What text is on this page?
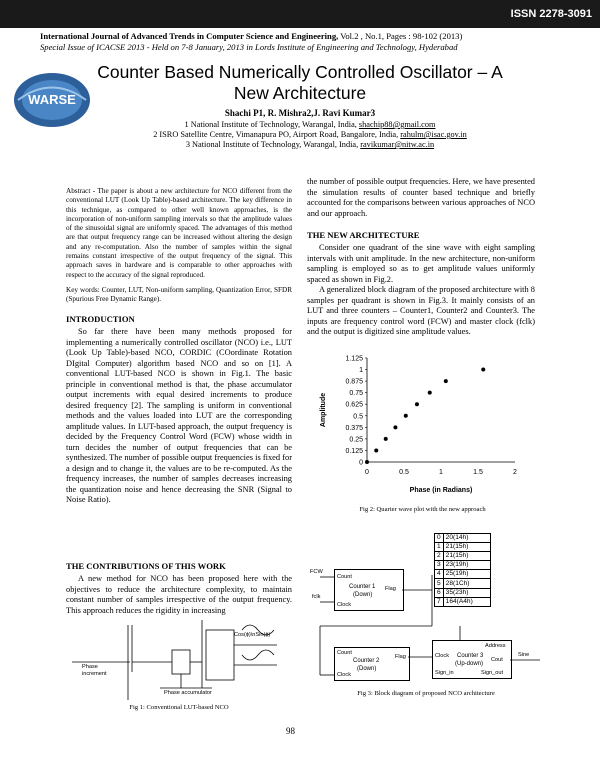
ISSN 2278-3091
International Journal of Advanced Trends in Computer Science and Engineering, Vol.2 , No.1, Pages : 98-102 (2013)
Special Issue of ICACSE 2013 - Held on 7-8 January, 2013 in Lords Institute of Engineering and Technology, Hyderabad
WARSE
Counter Based Numerically Controlled Oscillator – A New Architecture
Shachi P1, R. Mishra2,J. Ravi Kumar3
1 National Institute of Technology, Warangal, India, shachip88@gmail.com
2 ISRO Satellite Centre, Vimanapura PO, Airport Road, Bangalore, India, rahulm@isac.gov.in
3 National Institute of Technology, Warangal, India, ravikumar@nitw.ac.in
Abstract - The paper is about a new architecture for NCO different from the conventional LUT (Look Up Table)-based architecture. The key difference in this technique, as compared to other well known approaches, is the incorporation of non-uniform sampling intervals so that the amplitude values of the sinusoidal signal are uniformly spaced. The advantages of this method are that output frequency range can be increased without altering the design and any re-computation. Also the number of samples within the signal remains constant irrespective of the output frequency of the signal. This approach saves in hardware and is comparable to other approaches with respect to the accuracy of the signal reproduced.
Key words: Counter, LUT, Non-uniform sampling, Quantization Error, SFDR (Spurious Free Dynamic Range).
INTRODUCTION
So far there have been many methods proposed for implementing a numerically controlled oscillator (NCO) i.e., LUT (Look Up Table)-based NCO, CORDIC (COordinate Rotation DIgital Computer) algorithm based NCO and so on [1]. A conventional LUT-based NCO is shown in Fig.1. The basic principle in conventional method is that, the phase accumulator output increments with equal desired increments to produce desired frequency [2]. The sampling is uniform in conventional methods and the values loaded into LUT are the corresponding amplitude values. In LUT-based approach, the output frequency is decided by the Frequency Control Word (FCW) whose width in turn decides the number of output frequencies that can be synthesized. The number of possible output frequencies is fixed for a design and to change it, the values are to be re-computed. As the frequency increases, the number of samples decreases increasing the quantization noise and hence decreasing the SNR (Signal to Noise Ratio).
THE CONTRIBUTIONS OF THIS WORK
A new method for NCO has been proposed here with the objectives to reduce the architecture complexity, to maintain constant number of samples irrespective of the output frequency. This approach reduces the rigidity in increasing
Phase
increment
Cos(ɸ)\nSin(ɸ)
Phase accumulator
Fig 1: Conventional LUT-based NCO
the number of possible output frequencies. Here, we have presented the simulation results of counter based technique and briefly accounted for the comparisons between various approaches of NCO and our approach.
THE NEW ARCHITECTURE
Consider one quadrant of the sine wave with eight sampling intervals with unit amplitude. In the new architecture, non-uniform sampling is employed so as to get amplitude values uniformly spaced as shown in Fig.2.
A generalized block diagram of the proposed architecture with 8 samples per quadrant is shown in Fig.3. It mainly consists of an LUT and three counters – Counter1, Counter2 and Counter3. The inputs are frequency control word (FCW) and master clock (fclk) and the output is digitized sine amplitude values.
0
0.125
0.25
0.375
0.5
0.625
0.75
0.875
1
1.125
0	0.5	1	1.5	2
Phase (in Radians)
Amplitude
Fig 2: Quarter wave plot with the new approach
0	20(14h)
1	21(15h)
2	21(15h)
3	23(19h)
4	25(19h)
5	28(1Ch)
6	35(23h)
7	164(A4h)
FCW
fclk
Count
Counter 1
(Down)
Flag
Clock
Count
Counter 2
(Down)
Flag
Clock
Clock
Address
Counter 3
(Up-down)
Cout
Sign_in	Sign_out
Sine
Fig 3: Block diagram of proposed NCO architecture
98
